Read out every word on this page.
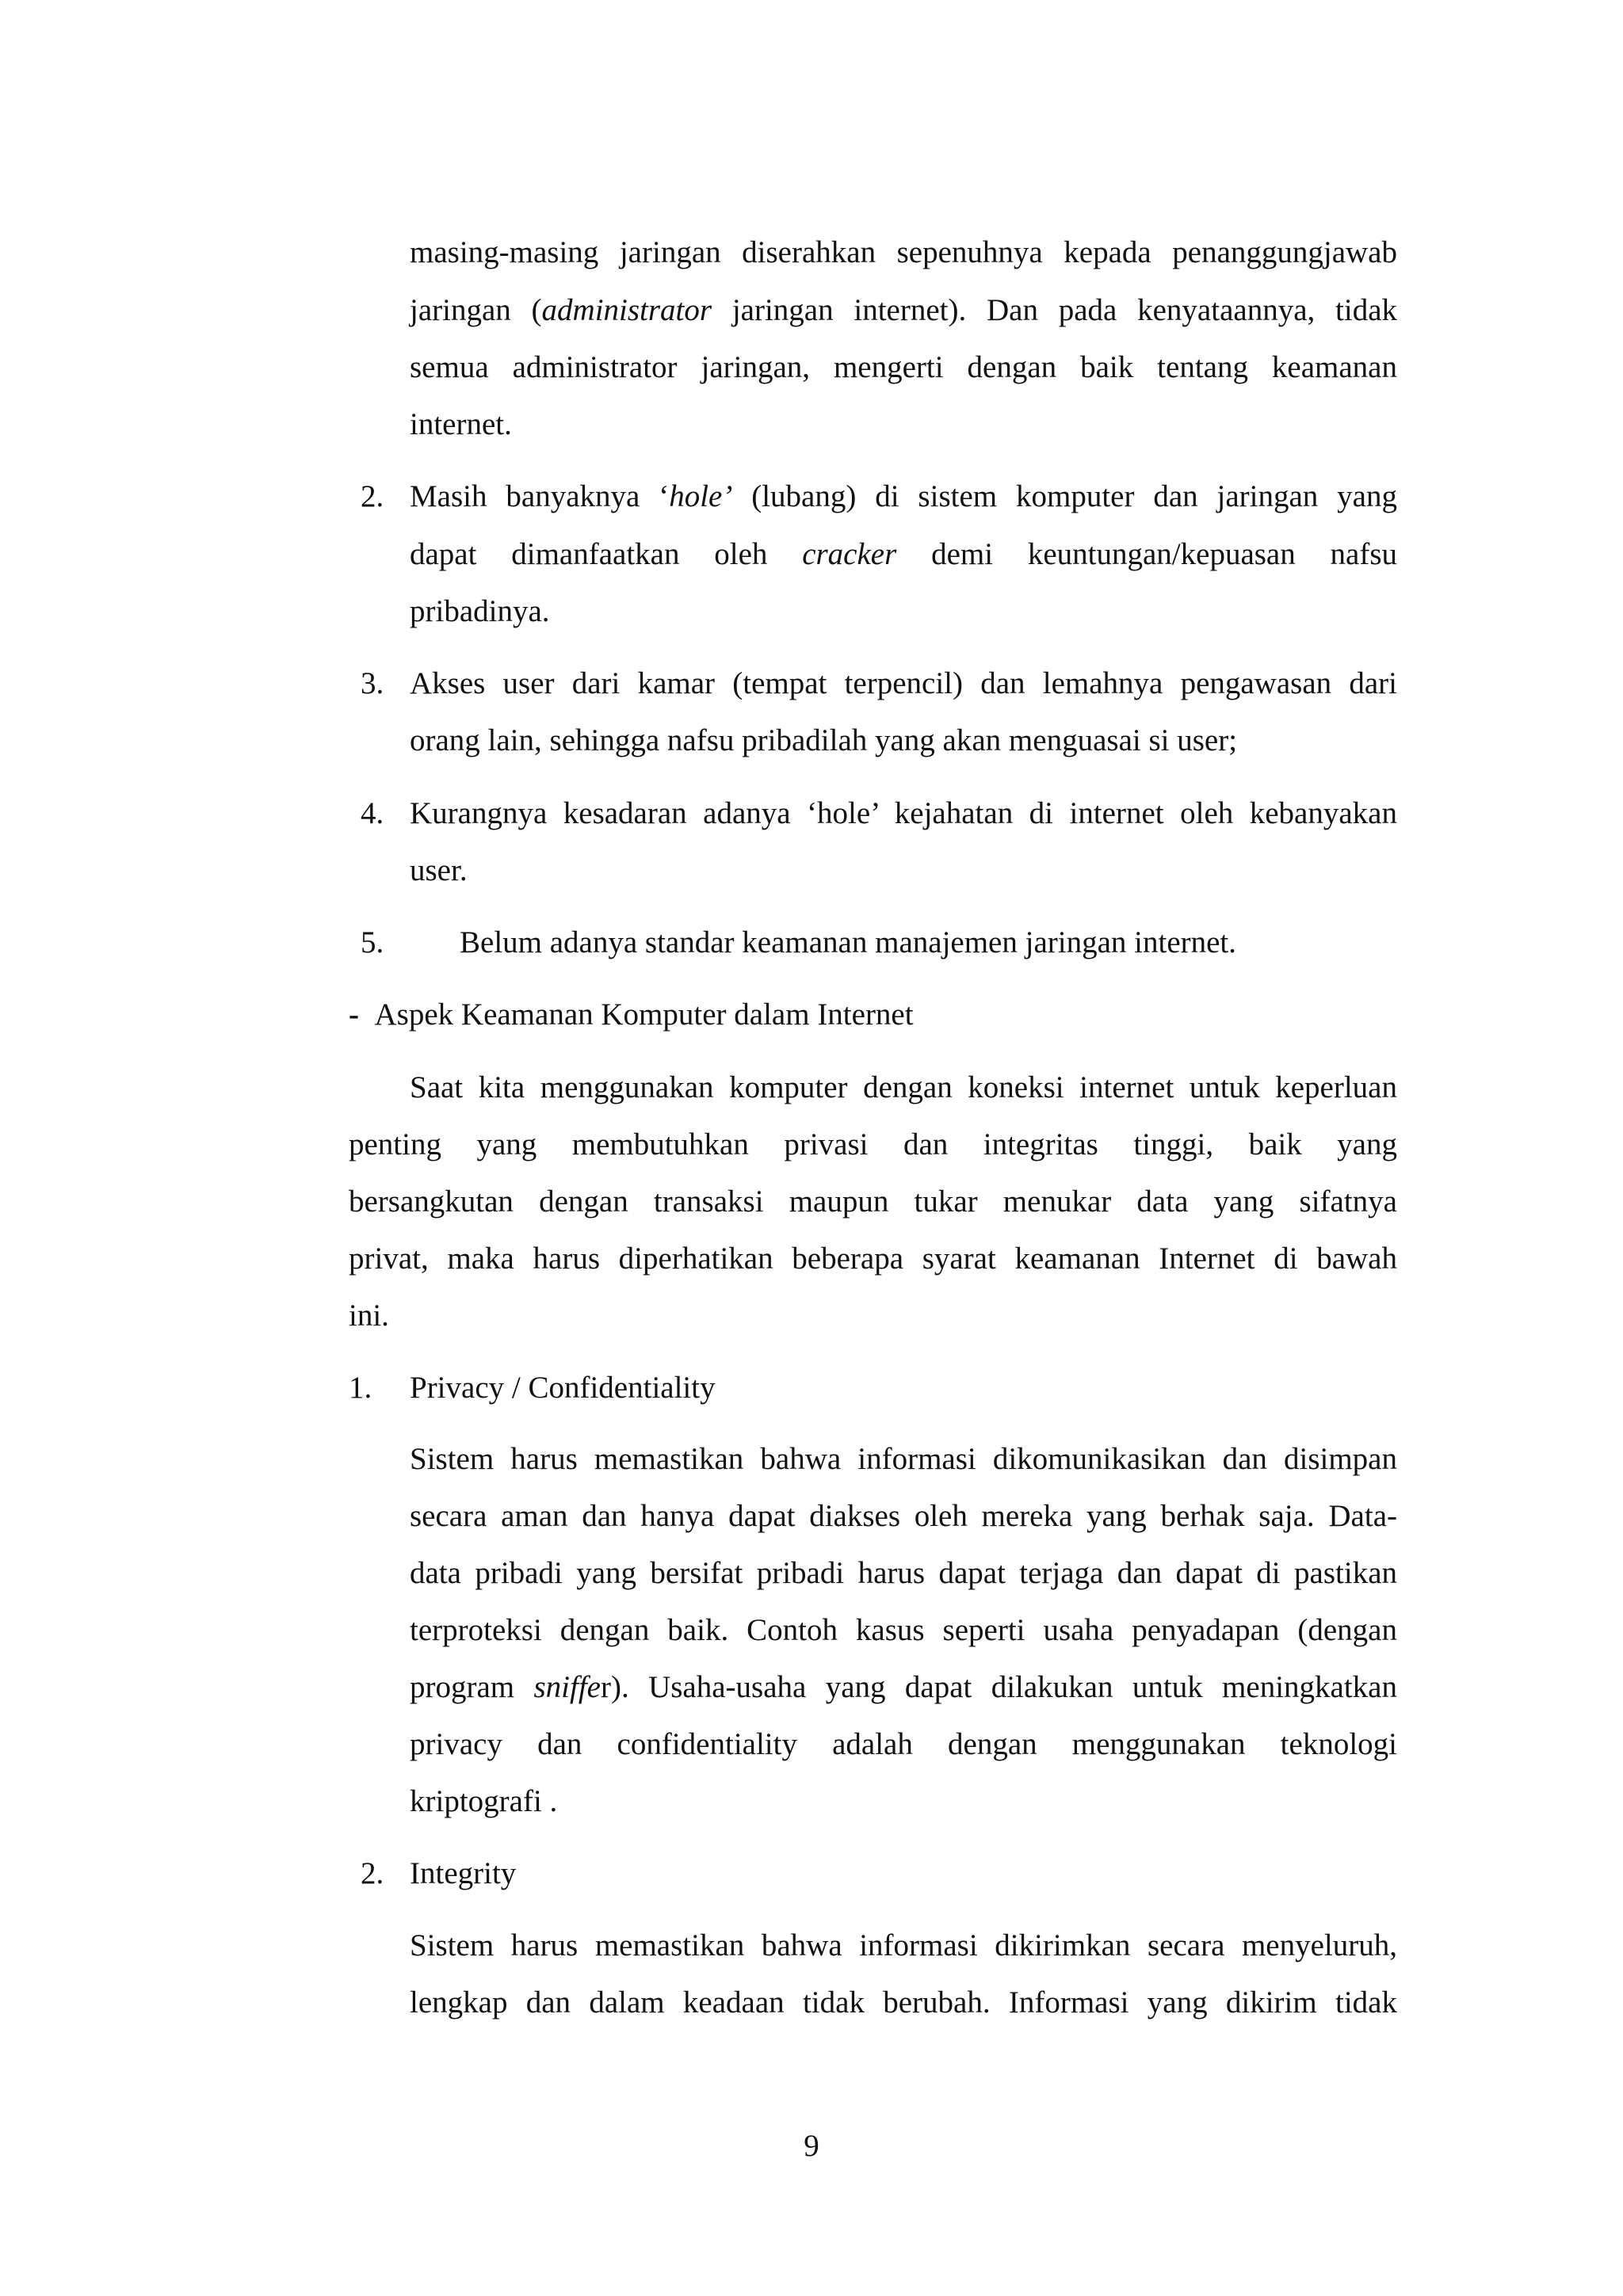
masing-masing jaringan diserahkan sepenuhnya kepada penanggungjawab
jaringan (administrator jaringan internet). Dan pada kenyataannya, tidak
semua administrator jaringan, mengerti dengan baik tentang keamanan
internet.
2. Masih banyaknya ‘hole’ (lubang) di sistem komputer dan jaringan yang
dapat dimanfaatkan oleh cracker demi keuntungan/kepuasan nafsu
pribadinya.
3. Akses user dari kamar (tempat terpencil) dan lemahnya pengawasan dari
orang lain, sehingga nafsu pribadilah yang akan menguasai si user;
4. Kurangnya kesadaran adanya ‘hole’ kejahatan di internet oleh kebanyakan
user.
5. Belum adanya standar keamanan manajemen jaringan internet.
- Aspek Keamanan Komputer dalam Internet
Saat kita menggunakan komputer dengan koneksi internet untuk keperluan
penting yang membutuhkan privasi dan integritas tinggi, baik yang
bersangkutan dengan transaksi maupun tukar menukar data yang sifatnya
privat, maka harus diperhatikan beberapa syarat keamanan Internet di bawah
ini.
1. Privacy / Confidentiality
Sistem harus memastikan bahwa informasi dikomunikasikan dan disimpan
secara aman dan hanya dapat diakses oleh mereka yang berhak saja. Data-
data pribadi yang bersifat pribadi harus dapat terjaga dan dapat di pastikan
terproteksi dengan baik. Contoh kasus seperti usaha penyadapan (dengan
program sniffer). Usaha-usaha yang dapat dilakukan untuk meningkatkan
privacy dan confidentiality adalah dengan menggunakan teknologi
kriptografi .
2. Integrity
Sistem harus memastikan bahwa informasi dikirimkan secara menyeluruh,
lengkap dan dalam keadaan tidak berubah. Informasi yang dikirim tidak
9
